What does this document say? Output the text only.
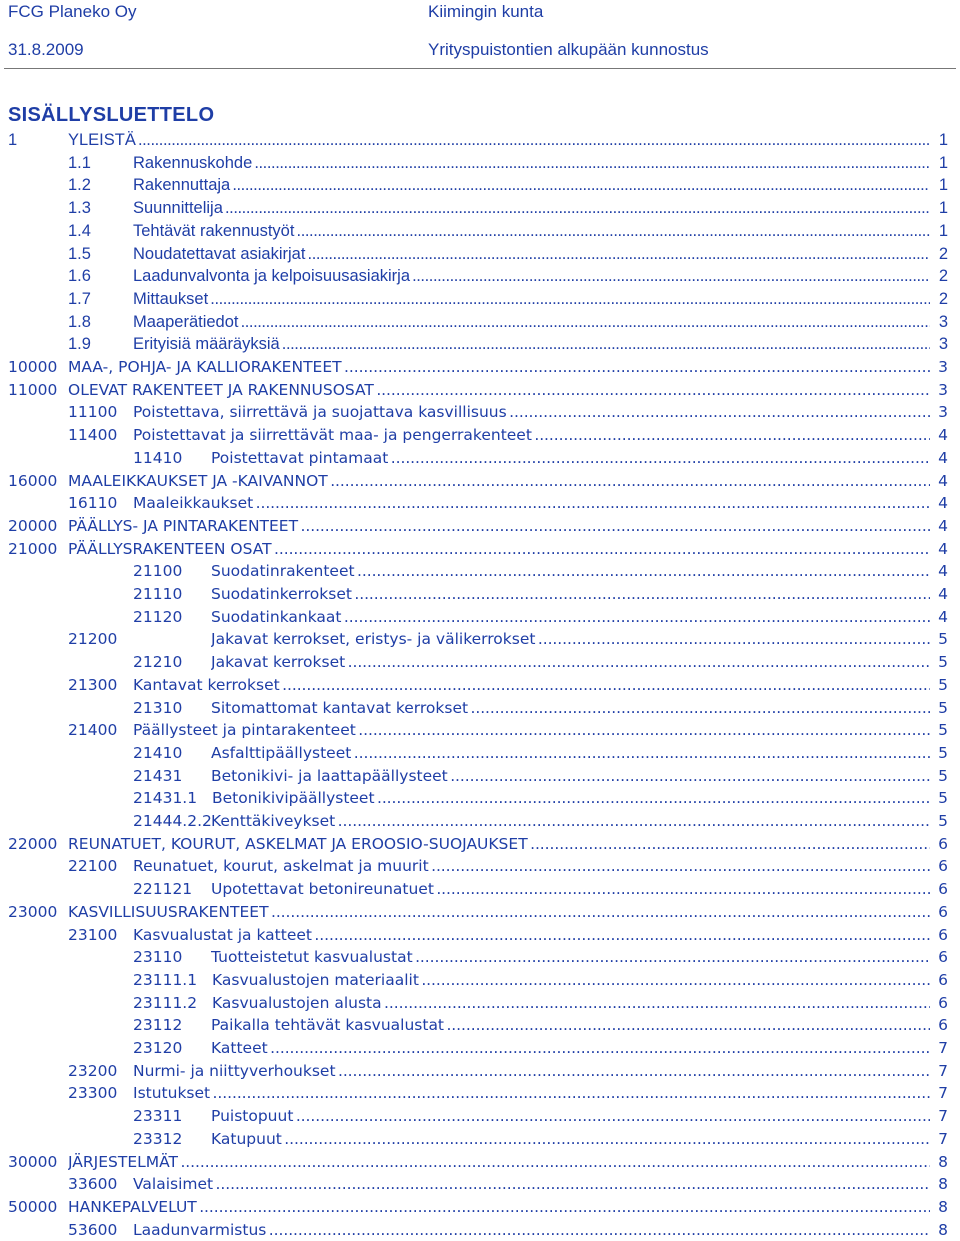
FCG Planeko Oy	Kiimingin kunta
31.8.2009	Yrityspuistontien alkupään kunnostus
SISÄLLYSLUETTELO
1	YLEISTÄ . . .	1
1.1	Rakennuskohde . . .	1
1.2	Rakennuttaja . . .	1
1.3	Suunnittelija . . .	1
1.4	Tehtävät rakennustyöt . . .	1
1.5	Noudatettavat asiakirjat . . .	2
1.6	Laadunvalvonta ja kelpoisuusasiakirja . . .	2
1.7	Mittaukset . . .	2
1.8	Maaperätiedot . . .	3
1.9	Erityisiä määräyksiä . . .	3
10000 MAA-, POHJA- JA KALLIORAKENTEET . . .	3
11000 OLEVAT RAKENTEET JA RAKENNUSOSAT . . .	3
11100 Poistettava, siirrettävä ja suojattava kasvillisuus . . .	3
11400 Poistettavat ja siirrettävät maa- ja pengerrakenteet . . .	4
11410 Poistettavat pintamaat . . .	4
16000 MAALEIKKAUKSET JA -KAIVANNOT . . .	4
16110 Maaleikkaukset . . .	4
20000 PÄÄLLYS- JA PINTARAKENTEET . . .	4
21000 PÄÄLLYSRAKENTEEN OSAT . . .	4
21100 Suodatinrakenteet . . .	4
21110 Suodatinkerrokset . . .	4
21120 Suodatinkankaat . . .	4
21200	Jakavat kerrokset, eristys- ja välikerrokset . . .	5
21210 Jakavat kerrokset . . .	5
21300 Kantavat kerrokset . . .	5
21310 Sitomattomat kantavat kerrokset . . .	5
21400 Päällysteet ja pintarakenteet . . .	5
21410 Asfalttipäällysteet . . .	5
21431 Betonikivi- ja laattapäällysteet . . .	5
21431.1 Betonikivipäällysteet . . .	5
21444.2.2 Kenttäkiveykset . . .	5
22000 REUNATUET, KOURUT, ASKELMAT JA EROOSIO-SUOJAUKSET . . .	6
22100 Reunatuet, kourut, askelmat ja muurit . . .	6
221121 Upotettavat betonireunatuet . . .	6
23000 KASVILLISUUSRAKENTEET . . .	6
23100 Kasvualustat ja katteet . . .	6
23110 Tuotteistetut kasvualustat . . .	6
23111.1 Kasvualustojen materiaalit . . .	6
23111.2 Kasvualustojen alusta . . .	6
23112 Paikalla tehtävät kasvualustat . . .	6
23120 Katteet . . .	7
23200 Nurmi- ja niittyverhoukset . . .	7
23300 Istutukset . . .	7
23311 Puistopuut . . .	7
23312 Katupuut . . .	7
30000 JÄRJESTELMÄT . . .	8
33600 Valaisimet . . .	8
50000 HANKEPALVELUT . . .	8
53600 Laadunvarmistus . . .	8
